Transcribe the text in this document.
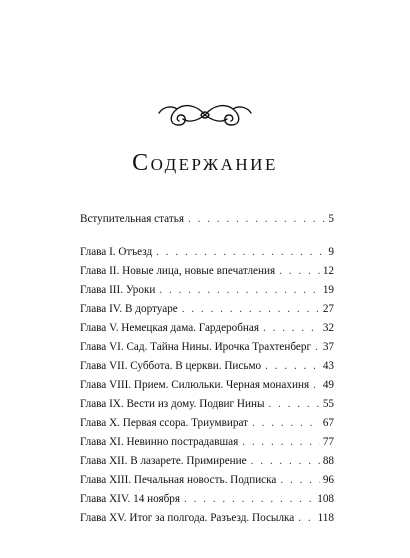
Содержание
Вступительная статья . . .	5
Глава I. Отъезд . . .	9
Глава II. Новые лица, новые впечатления . . .	12
Глава III. Уроки . . .	19
Глава IV. В дортуаре . . .	27
Глава V. Немецкая дама. Гардеробная . . .	32
Глава VI. Сад. Тайна Нины. Ирочка Трахтенберг . . . 37
Глава VII. Суббота. В церкви. Письмо . . .	43
Глава VIII. Прием. Силюльки. Черная монахиня . . . 49
Глава IX. Вести из дому. Подвиг Нины . . .	55
Глава X. Первая ссора. Триумвират . . .	67
Глава XI. Невинно пострадавшая . . .	77
Глава XII. В лазарете. Примирение . . .	88
Глава XIII. Печальная новость. Подписка . . .	96
Глава XIV. 14 ноября . . .	108
Глава XV. Итог за полгода. Разъезд. Посылка . . . 118
